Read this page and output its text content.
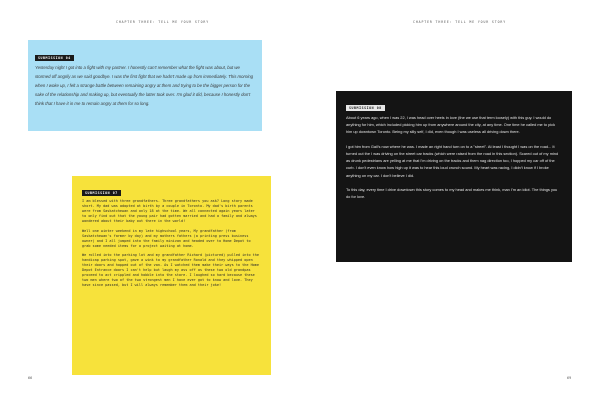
CHAPTER THREE: TELL ME YOUR STORY	CHAPTER THREE: TELL ME YOUR STORY
SUBMISSION 04

Yesterday night I got into a fight with my partner. I honestly can't remember what the fight was about, but we stormed off angrily as we said goodbye. I was the first fight that we hadn't made up from immediately. This morning when I woke up, I felt a strange battle between remaining angry at them and trying to be the bigger person for the sake of the relationship and making up, but eventually the latter took over. I'm glad it did, because I honestly don't think that I have it in me to remain angry at them for so long.

SUBMISSION 07

I am blessed with three grandfathers. Three grandfathers you ask? Long story made short. My dad was adopted at birth by a couple in Toronto. My dad's birth parents were from Saskatchewan and only 18 at the time. We all connected again years later to only find out that the young pair had gotten married and had a family and always wondered about their baby out there in the world!

Well one winter weekend in my late highschool years, My grandfather (from Saskatchewan's farmer by day) and my mothers fathers (a printing press business owner) and I all jumped into the family minivan and headed over to Home Depot to grab some needed items for a project waiting at home.

We rolled into the parking lot and my grandfather Richard (pictured) pulled into the handicap parking spot, gave a wink to my grandfather Ronald and they whipped open their doors and hopped out of the van. As I watched them make their ways to the Home Depot Entrance doors I can't help but laugh my ass off as these two old grandpas proceed to act crippled and hobble into the store. I laughed so hard because these two men where two of the two strongest men I have ever got to know and love. They have since passed, but I will always remember them and their joke!

SUBMISSION 08

About 6 years ago, when I was 22, I was head over heels in love (the we use that term loosely) with this guy. I would do anything for him, which included picking him up from anywhere around the city, at any time. One time he called me to pick him up downtown Toronto. Being my silly self, I did, even though I was useless all driving down there.

I got him from Gail's now where he was. I made an right hand turn on to a "street". At least I thought I was on the road... It turned out the I was driving on the street car tracks (which were raised from the road in this section). Scared out of my mind as drunk pedestrians are yelling at me that I'm driving on the tracks and them nag direction too, I hopped my car off of the curb. I don't even know how high up it was to hear this loud crunch sound. My heart was racing, I didn't know if I broke anything on my car. I don't believe I did.

To this day, every time I drive downtown this story comes to my head and makes me think, man I'm an idiot. The things you do for love.

66	69
